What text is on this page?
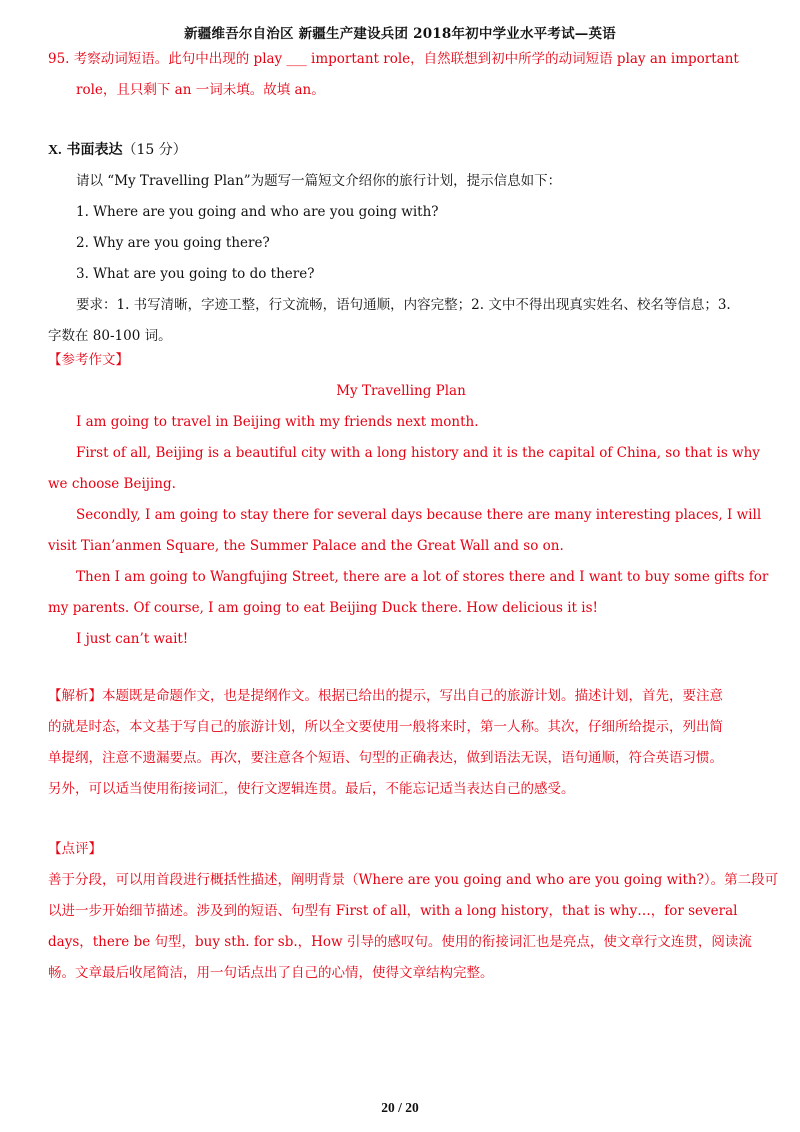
新疆维吾尔自治区 新疆生产建设兵团 2018年初中学业水平考试—英语

95. 考察动词短语。此句中出现的 play ___ important role，自然联想到初中所学的动词短语 play an important

role，且只剩下 an 一词未填。故填 an。

X. 书面表达（15 分）

请以 “My Travelling Plan”为题写一篇短文介绍你的旅行计划，提示信息如下：

1. Where are you going and who are you going with?

2. Why are you going there?

3. What are you going to do there?

要求：1. 书写清晰，字迹工整，行文流畅，语句通顺，内容完整；2. 文中不得出现真实姓名、校名等信息；3.

字数在 80-100 词。

【参考作文】

My Travelling Plan

I am going to travel in Beijing with my friends next month.

First of all, Beijing is a beautiful city with a long history and it is the capital of China, so that is why

we choose Beijing.

Secondly, I am going to stay there for several days because there are many interesting places, I will

visit Tian’anmen Square, the Summer Palace and the Great Wall and so on.

Then I am going to Wangfujing Street, there are a lot of stores there and I want to buy some gifts for

my parents. Of course, I am going to eat Beijing Duck there. How delicious it is!

I just can’t wait!

【解析】本题既是命题作文，也是提纲作文。根据已给出的提示，写出自己的旅游计划。描述计划，首先，要注意

的就是时态，本文基于写自己的旅游计划，所以全文要使用一般将来时，第一人称。其次，仔细所给提示，列出简

单提纲，注意不遗漏要点。再次，要注意各个短语、句型的正确表达，做到语法无误，语句通顺，符合英语习惯。

另外，可以适当使用衔接词汇，使行文逻辑连贯。最后，不能忘记适当表达自己的感受。

【点评】

善于分段，可以用首段进行概括性描述，阐明背景（Where are you going and who are you going with?）。第二段可

以进一步开始细节描述。涉及到的短语、句型有 First of all，with a long history，that is why…，for several

days，there be 句型，buy sth. for sb.，How 引导的感叹句。使用的衔接词汇也是亮点，使文章行文连贯，阅读流

畅。文章最后收尾简洁，用一句话点出了自己的心情，使得文章结构完整。

20 / 20
